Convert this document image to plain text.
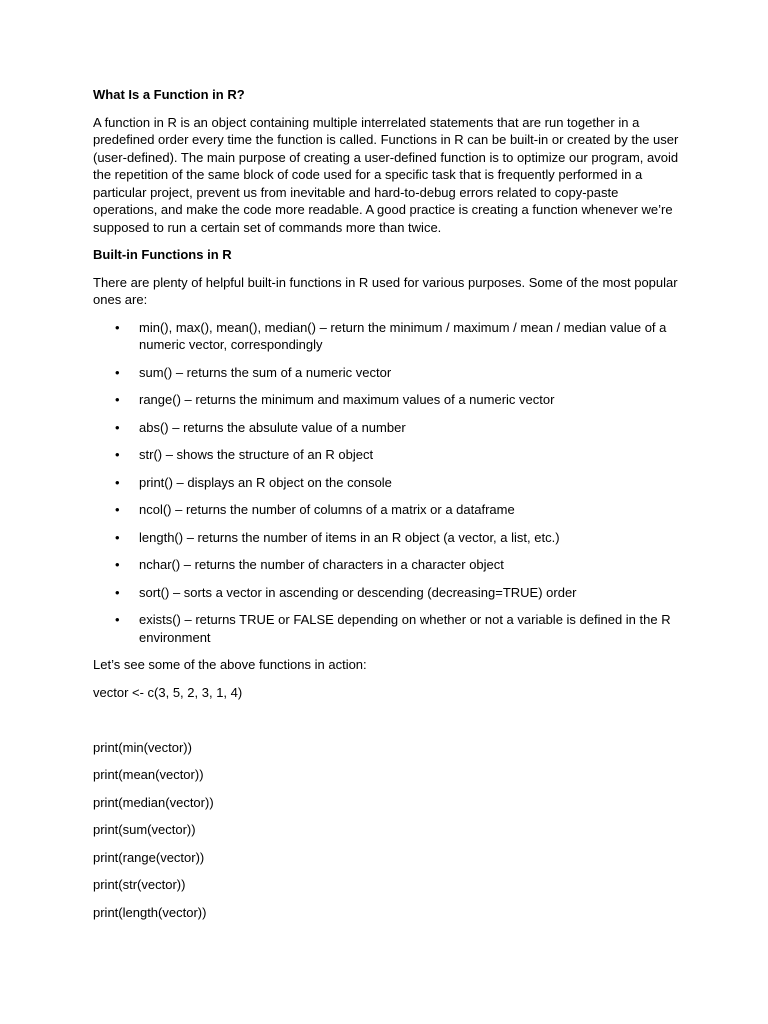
What Is a Function in R?

A function in R is an object containing multiple interrelated statements that are run together in a predefined order every time the function is called. Functions in R can be built-in or created by the user (user-defined). The main purpose of creating a user-defined function is to optimize our program, avoid the repetition of the same block of code used for a specific task that is frequently performed in a particular project, prevent us from inevitable and hard-to-debug errors related to copy-paste operations, and make the code more readable. A good practice is creating a function whenever we’re supposed to run a certain set of commands more than twice.

Built-in Functions in R

There are plenty of helpful built-in functions in R used for various purposes. Some of the most popular ones are:

• min(), max(), mean(), median() – return the minimum / maximum / mean / median value of a numeric vector, correspondingly
• sum() – returns the sum of a numeric vector
• range() – returns the minimum and maximum values of a numeric vector
• abs() – returns the absulute value of a number
• str() – shows the structure of an R object
• print() – displays an R object on the console
• ncol() – returns the number of columns of a matrix or a dataframe
• length() – returns the number of items in an R object (a vector, a list, etc.)
• nchar() – returns the number of characters in a character object
• sort() – sorts a vector in ascending or descending (decreasing=TRUE) order
• exists() – returns TRUE or FALSE depending on whether or not a variable is defined in the R environment

Let’s see some of the above functions in action:

vector <- c(3, 5, 2, 3, 1, 4)
print(min(vector))
print(mean(vector))
print(median(vector))
print(sum(vector))
print(range(vector))
print(str(vector))
print(length(vector))
